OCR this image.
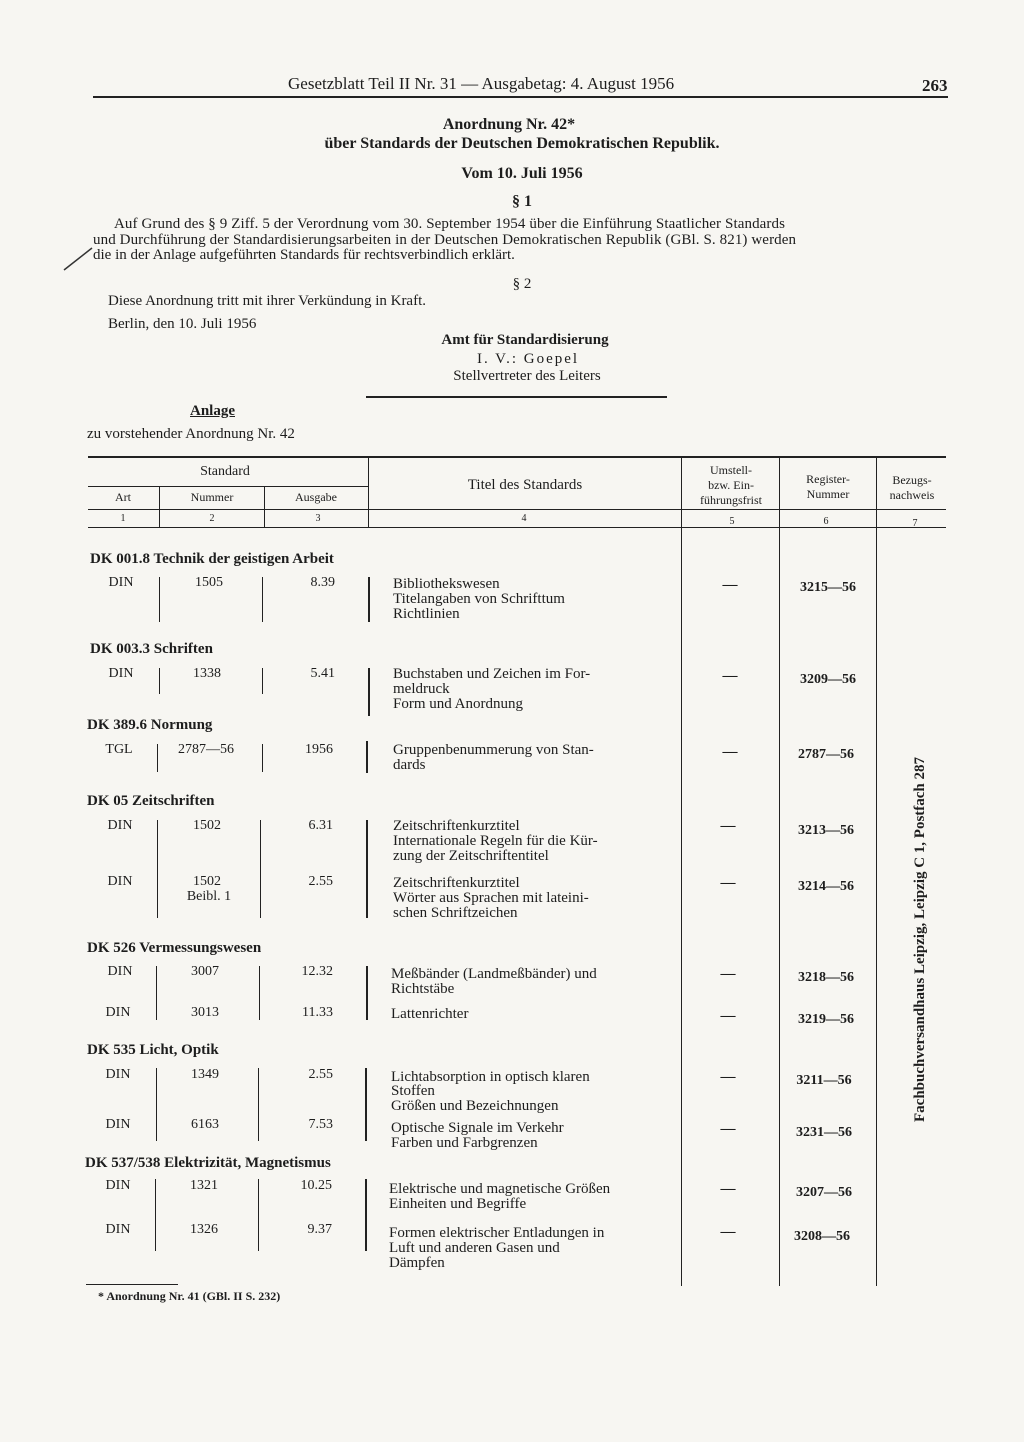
Gesetzblatt Teil II Nr. 31 — Ausgabetag: 4. August 1956	263
Anordnung Nr. 42*
über Standards der Deutschen Demokratischen Republik.
Vom 10. Juli 1956
§ 1
Auf Grund des § 9 Ziff. 5 der Verordnung vom 30. September 1954 über die Einführung Staatlicher Standards
und Durchführung der Standardisierungsarbeiten in der Deutschen Demokratischen Republik (GBl. S. 821) werden
die in der Anlage aufgeführten Standards für rechtsverbindlich erklärt.
§ 2
Diese Anordnung tritt mit ihrer Verkündung in Kraft.
Berlin, den 10. Juli 1956
Amt für Standardisierung
I. V.: Goepel
Stellvertreter des Leiters
Anlage
zu vorstehender Anordnung Nr. 42
Standard
Art	Nummer	Ausgabe
Titel des Standards
Umstell-
bzw. Ein-
führungsfrist
Register-
Nummer
Bezugs-
nachweis
1	2	3	4	5	6	7
DK 001.8 Technik der geistigen Arbeit
DIN	1505	8.39	Bibliothekswesen
Titelangaben von Schrifttum
Richtlinien
—	3215—56
DK 003.3 Schriften
DIN	1338	5.41	Buchstaben und Zeichen im For-
meldruck
Form und Anordnung
—	3209—56
DK 389.6 Normung
TGL	2787—56	1956	Gruppenbenummerung von Stan-
dards
—	2787—56
DK 05 Zeitschriften
DIN	1502	6.31	Zeitschriftenkurztitel
Internationale Regeln für die Kür-
zung der Zeitschriftentitel
—	3213—56
DIN	1502
Beibl. 1
2.55	Zeitschriftenkurztitel
Wörter aus Sprachen mit lateini-
schen Schriftzeichen
—	3214—56
DK 526 Vermessungswesen
DIN	3007	12.32	Meßbänder (Landmeßbänder) und
Richtstäbe
—	3218—56
DIN	3013	11.33	Lattenrichter	—	3219—56
DK 535 Licht, Optik
DIN	1349	2.55	Lichtabsorption in optisch klaren
Stoffen
Größen und Bezeichnungen
—	3211—56
DIN	6163	7.53	Optische Signale im Verkehr
Farben und Farbgrenzen
—	3231—56
DK 537/538 Elektrizität, Magnetismus
DIN	1321	10.25	Elektrische und magnetische Größen
Einheiten und Begriffe
—	3207—56
DIN	1326	9.37	Formen elektrischer Entladungen in
Luft und anderen Gasen und
Dämpfen
—	3208—56
Fachbuchversandhaus Leipzig, Leipzig C 1, Postfach 287
* Anordnung Nr. 41 (GBl. II S. 232)
